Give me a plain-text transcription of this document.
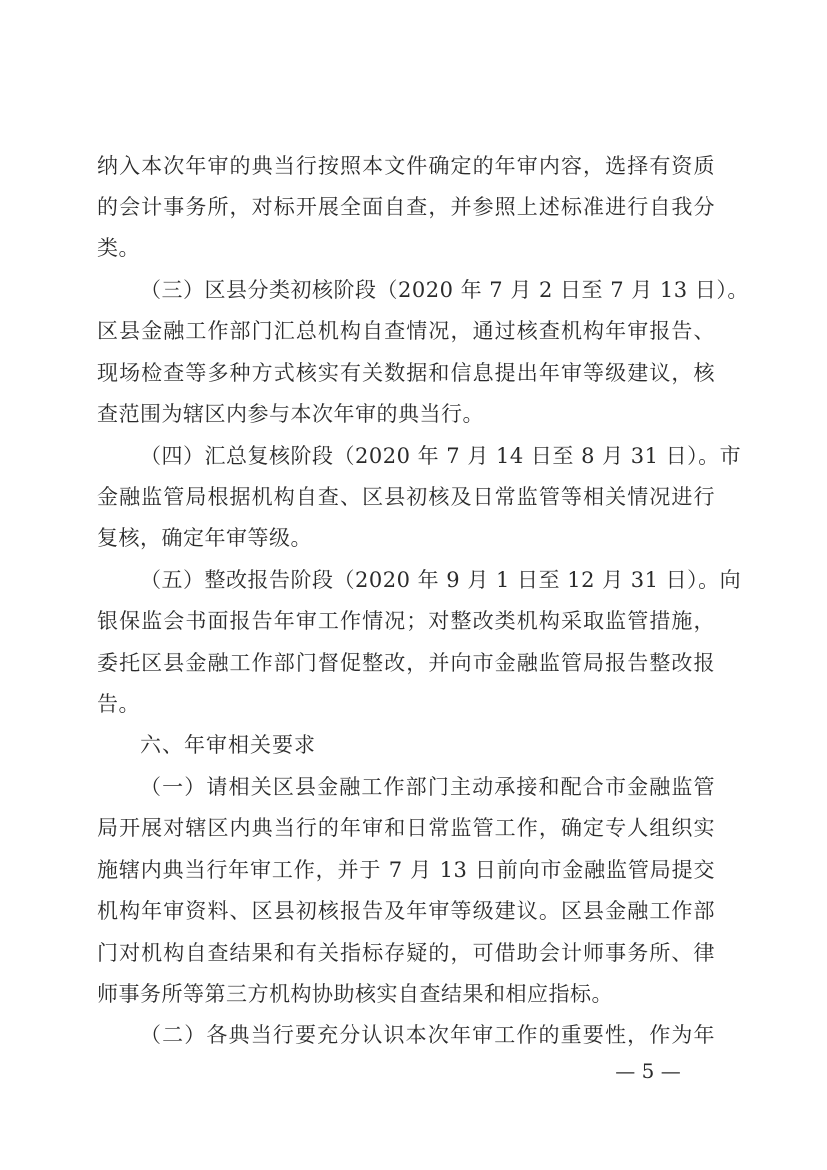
纳入本次年审的典当行按照本文件确定的年审内容，选择有资质
的会计事务所，对标开展全面自查，并参照上述标准进行自我分
类。
（三）区县分类初核阶段（2020 年 7 月 2 日至 7 月 13 日）。
区县金融工作部门汇总机构自查情况，通过核查机构年审报告、
现场检查等多种方式核实有关数据和信息提出年审等级建议，核
查范围为辖区内参与本次年审的典当行。
（四）汇总复核阶段（2020 年 7 月 14 日至 8 月 31 日）。市
金融监管局根据机构自查、区县初核及日常监管等相关情况进行
复核，确定年审等级。
（五）整改报告阶段（2020 年 9 月 1 日至 12 月 31 日）。向
银保监会书面报告年审工作情况；对整改类机构采取监管措施，
委托区县金融工作部门督促整改，并向市金融监管局报告整改报
告。
六、年审相关要求
（一）请相关区县金融工作部门主动承接和配合市金融监管
局开展对辖区内典当行的年审和日常监管工作，确定专人组织实
施辖内典当行年审工作，并于 7 月 13 日前向市金融监管局提交
机构年审资料、区县初核报告及年审等级建议。区县金融工作部
门对机构自查结果和有关指标存疑的，可借助会计师事务所、律
师事务所等第三方机构协助核实自查结果和相应指标。
（二）各典当行要充分认识本次年审工作的重要性，作为年
— 5 —
